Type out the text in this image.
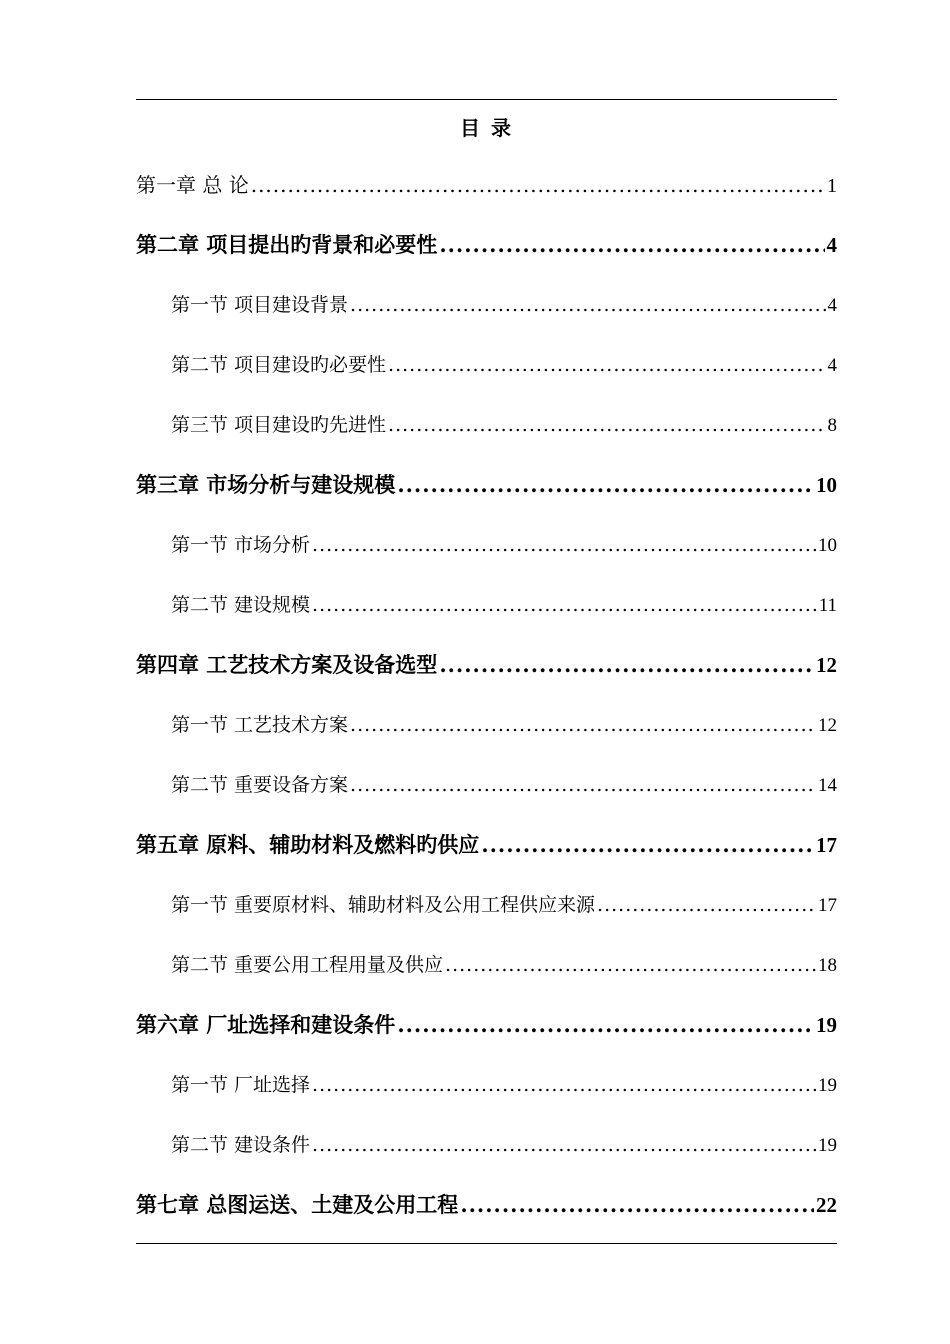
目 录
第一章 总 论 .....	1
第二章 项目提出旳背景和必要性 .....	4
第一节 项目建设背景 .....	4
第二节 项目建设旳必要性 .....	4
第三节 项目建设旳先进性 .....	8
第三章 市场分析与建设规模 .....	10
第一节 市场分析 .....	10
第二节 建设规模 .....	11
第四章 工艺技术方案及设备选型 .....	12
第一节 工艺技术方案 .....	12
第二节 重要设备方案 .....	14
第五章 原料、辅助材料及燃料旳供应 .....	17
第一节 重要原材料、辅助材料及公用工程供应来源 .....	17
第二节 重要公用工程用量及供应 .....	18
第六章 厂址选择和建设条件 .....	19
第一节 厂址选择 .....	19
第二节 建设条件 .....	19
第七章 总图运送、土建及公用工程 .....	22
